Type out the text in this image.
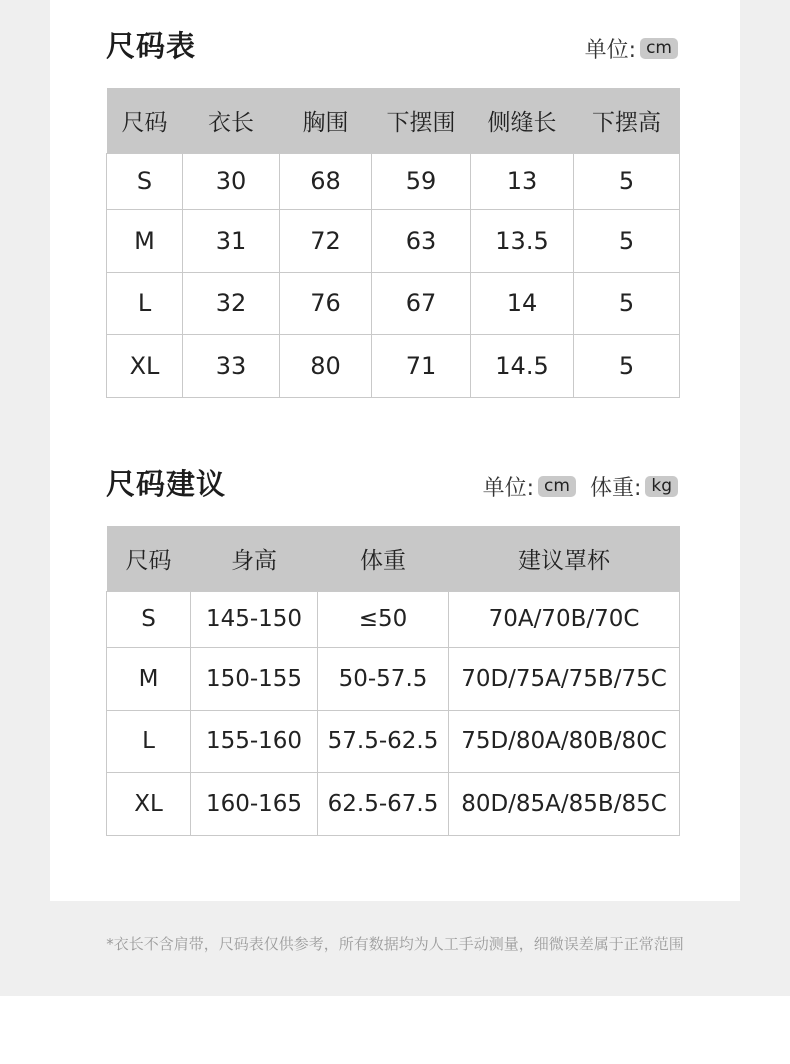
尺码表	单位: cm
尺码	衣长	胸围	下摆围	侧缝长	下摆高
S	30	68	59	13	5
M	31	72	63	13.5	5
L	32	76	67	14	5
XL	33	80	71	14.5	5
尺码建议	单位: cm 体重: kg
尺码	身高	体重	建议罩杯
S	145-150	≤50	70A/70B/70C
M	150-155	50-57.5	70D/75A/75B/75C
L	155-160	57.5-62.5	75D/80A/80B/80C
XL	160-165	62.5-67.5	80D/85A/85B/85C
*衣长不含肩带，尺码表仅供参考，所有数据均为人工手动测量，细微误差属于正常范围
